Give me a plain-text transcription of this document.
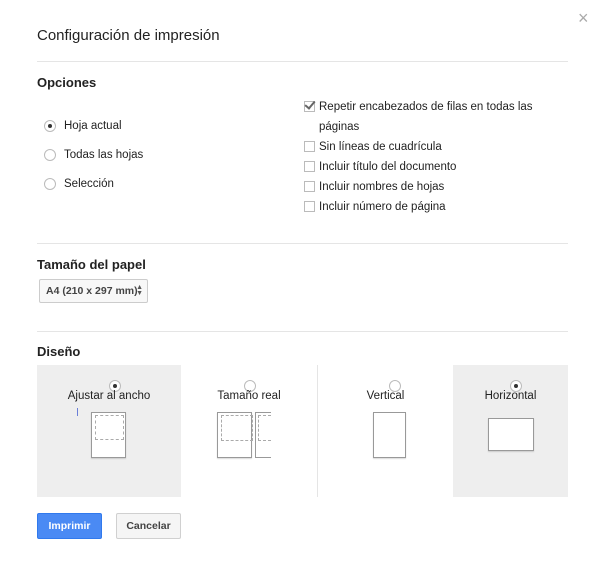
×
Configuración de impresión
Opciones
Hoja actual
Todas las hojas
Selección
Repetir encabezados de filas en todas las páginas
Sin líneas de cuadrícula
Incluir título del documento
Incluir nombres de hojas
Incluir número de página
Tamaño del papel
A4 (210 x 297 mm)
▲
▼
Diseño
Ajustar al ancho	Tamaño real	Vertical	Horizontal
Imprimir	Cancelar
